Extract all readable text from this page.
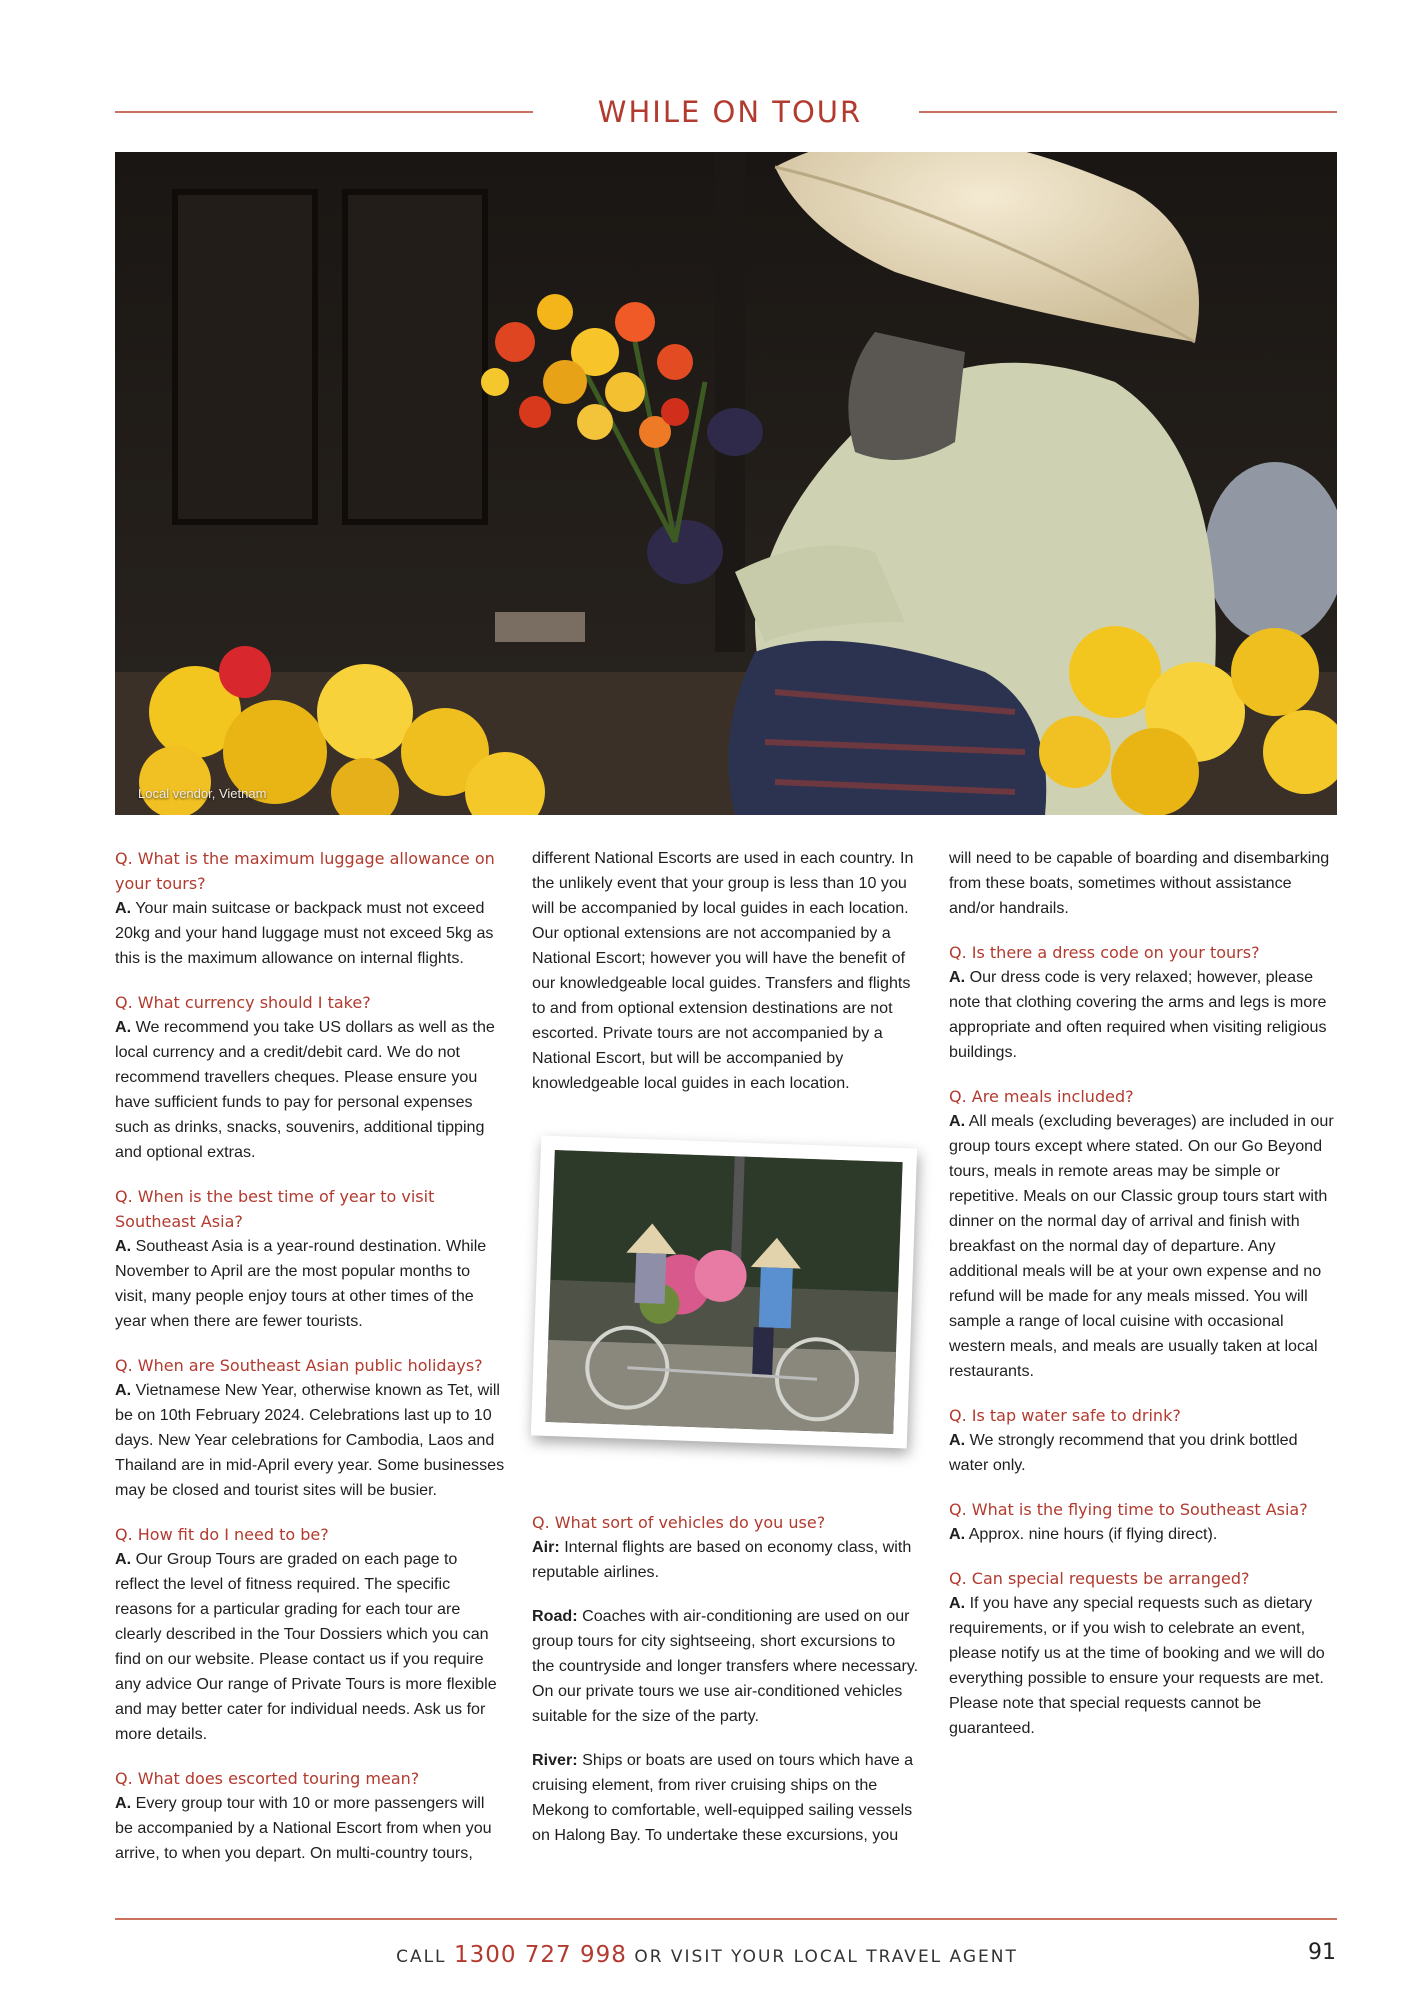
WHILE ON TOUR
Local vendor, Vietnam

Q. What is the maximum luggage allowance on your tours?

A. Your main suitcase or backpack must not exceed 20kg and your hand luggage must not exceed 5kg as this is the maximum allowance on internal flights.

Q. What currency should I take?

A. We recommend you take US dollars as well as the local currency and a credit/debit card. We do not recommend travellers cheques. Please ensure you have sufficient funds to pay for personal expenses such as drinks, snacks, souvenirs, additional tipping and optional extras.

Q. When is the best time of year to visit Southeast Asia?

A. Southeast Asia is a year-round destination. While November to April are the most popular months to visit, many people enjoy tours at other times of the year when there are fewer tourists.

Q. When are Southeast Asian public holidays?

A. Vietnamese New Year, otherwise known as Tet, will be on 10th February 2024. Celebrations last up to 10 days. New Year celebrations for Cambodia, Laos and Thailand are in mid-April every year. Some businesses may be closed and tourist sites will be busier.

Q. How fit do I need to be?

A. Our Group Tours are graded on each page to reflect the level of fitness required. The specific reasons for a particular grading for each tour are clearly described in the Tour Dossiers which you can find on our website. Please contact us if you require any advice Our range of Private Tours is more flexible and may better cater for individual needs. Ask us for more details.

Q. What does escorted touring mean?

A. Every group tour with 10 or more passengers will be accompanied by a National Escort from when you arrive, to when you depart. On multi-country tours,

different National Escorts are used in each country. In the unlikely event that your group is less than 10 you will be accompanied by local guides in each location. Our optional extensions are not accompanied by a National Escort; however you will have the benefit of our knowledgeable local guides. Transfers and flights to and from optional extension destinations are not escorted. Private tours are not accompanied by a National Escort, but will be accompanied by knowledgeable local guides in each location.

Q. What sort of vehicles do you use?

Air: Internal flights are based on economy class, with reputable airlines.

Road: Coaches with air-conditioning are used on our group tours for city sightseeing, short excursions to the countryside and longer transfers where necessary. On our private tours we use air-conditioned vehicles suitable for the size of the party.

River: Ships or boats are used on tours which have a cruising element, from river cruising ships on the Mekong to comfortable, well-equipped sailing vessels on Halong Bay. To undertake these excursions, you

will need to be capable of boarding and disembarking from these boats, sometimes without assistance and/or handrails.

Q. Is there a dress code on your tours?

A. Our dress code is very relaxed; however, please note that clothing covering the arms and legs is more appropriate and often required when visiting religious buildings.

Q. Are meals included?

A. All meals (excluding beverages) are included in our group tours except where stated. On our Go Beyond tours, meals in remote areas may be simple or repetitive. Meals on our Classic group tours start with dinner on the normal day of arrival and finish with breakfast on the normal day of departure. Any additional meals will be at your own expense and no refund will be made for any meals missed. You will sample a range of local cuisine with occasional western meals, and meals are usually taken at local restaurants.

Q. Is tap water safe to drink?

A. We strongly recommend that you drink bottled water only.

Q. What is the flying time to Southeast Asia?

A. Approx. nine hours (if flying direct).

Q. Can special requests be arranged?

A. If you have any special requests such as dietary requirements, or if you wish to celebrate an event, please notify us at the time of booking and we will do everything possible to ensure your requests are met. Please note that special requests cannot be guaranteed.

CALL 1300 727 998 OR VISIT YOUR LOCAL TRAVEL AGENT	91
